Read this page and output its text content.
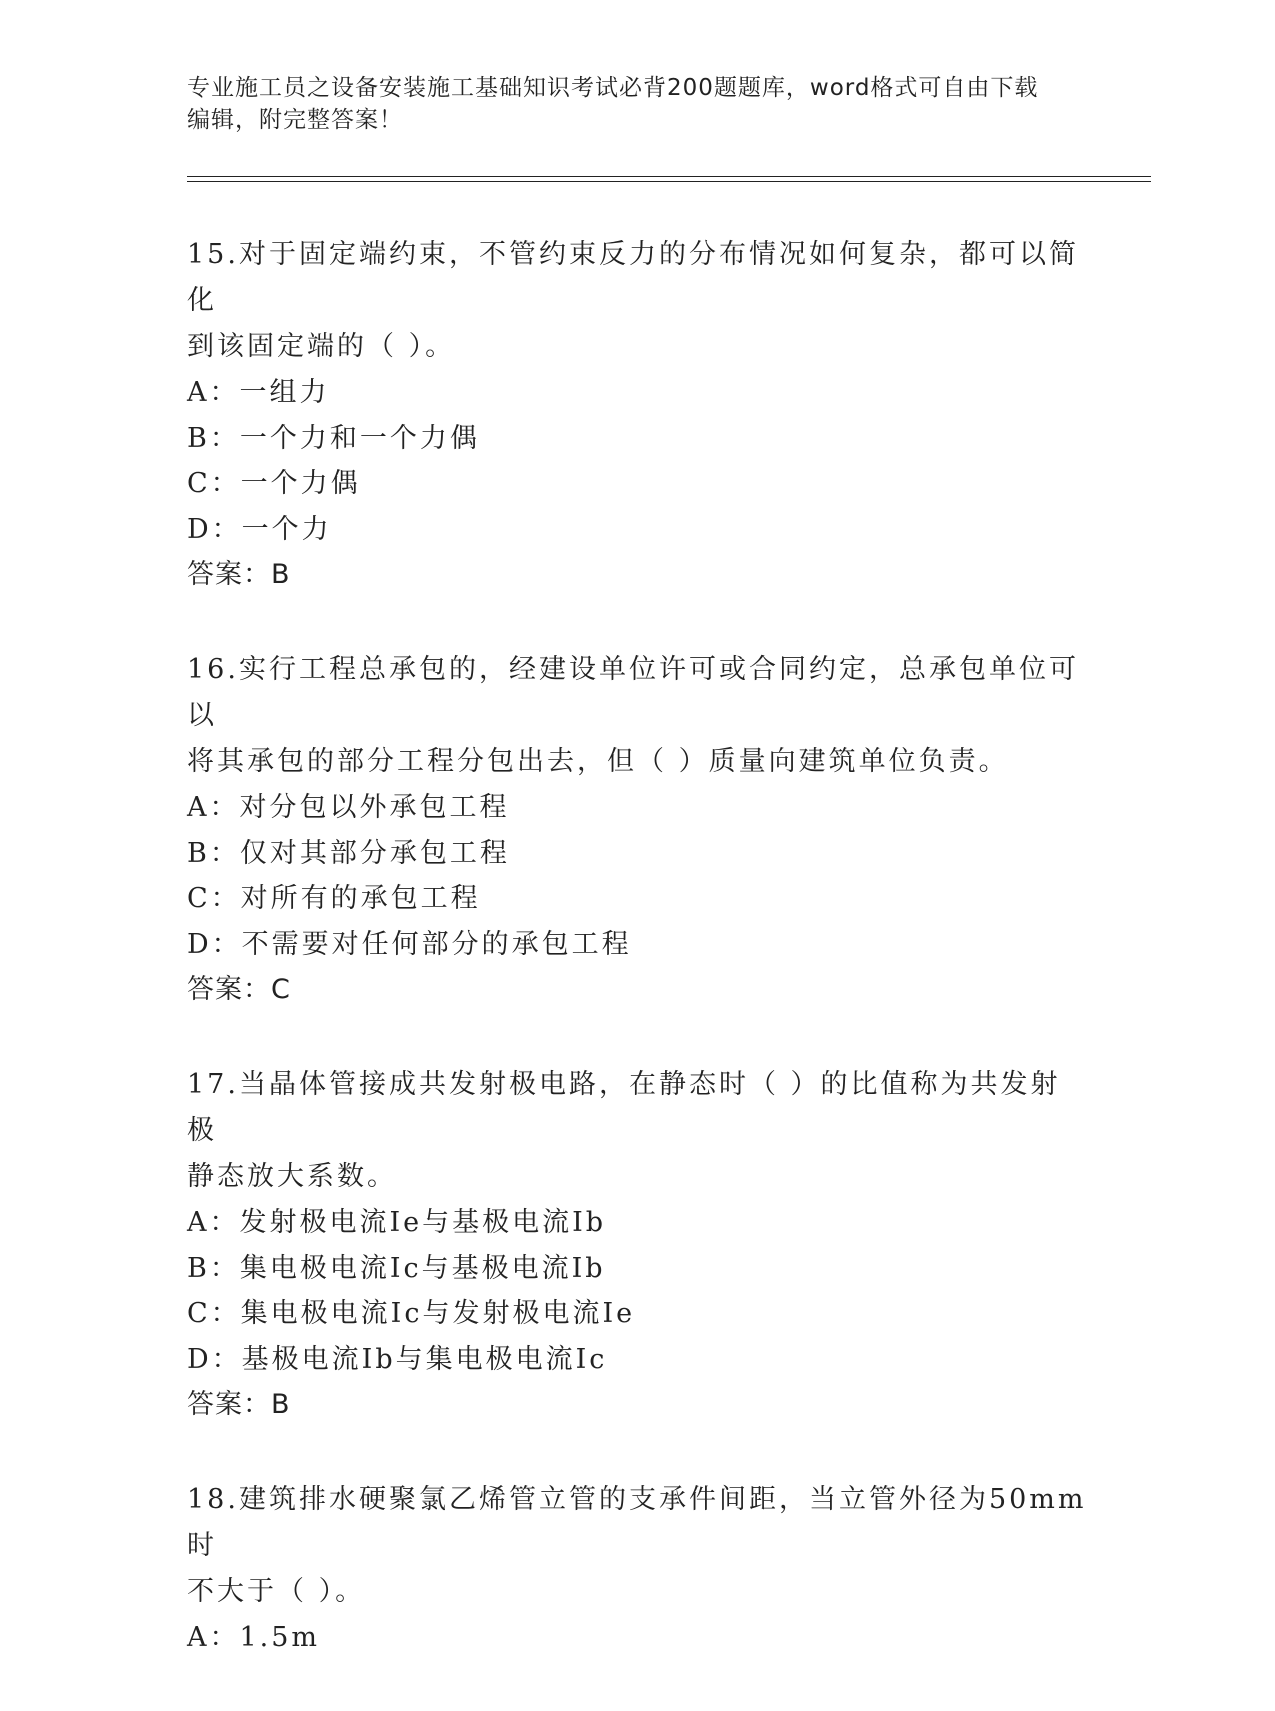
专业施工员之设备安装施工基础知识考试必背200题题库，word格式可自由下载
编辑，附完整答案！
15.对于固定端约束，不管约束反力的分布情况如何复杂，都可以简化
到该固定端的（ ）。
A：一组力
B：一个力和一个力偶
C：一个力偶
D：一个力
答案：B
16.实行工程总承包的，经建设单位许可或合同约定，总承包单位可以
将其承包的部分工程分包出去，但（ ）质量向建筑单位负责。
A：对分包以外承包工程
B：仅对其部分承包工程
C：对所有的承包工程
D：不需要对任何部分的承包工程
答案：C
17.当晶体管接成共发射极电路，在静态时（ ）的比值称为共发射极
静态放大系数。
A：发射极电流Ie与基极电流Ib
B：集电极电流Ic与基极电流Ib
C：集电极电流Ic与发射极电流Ie
D：基极电流Ib与集电极电流Ic
答案：B
18.建筑排水硬聚氯乙烯管立管的支承件间距，当立管外径为50mm时
不大于（ ）。
A：1.5m
